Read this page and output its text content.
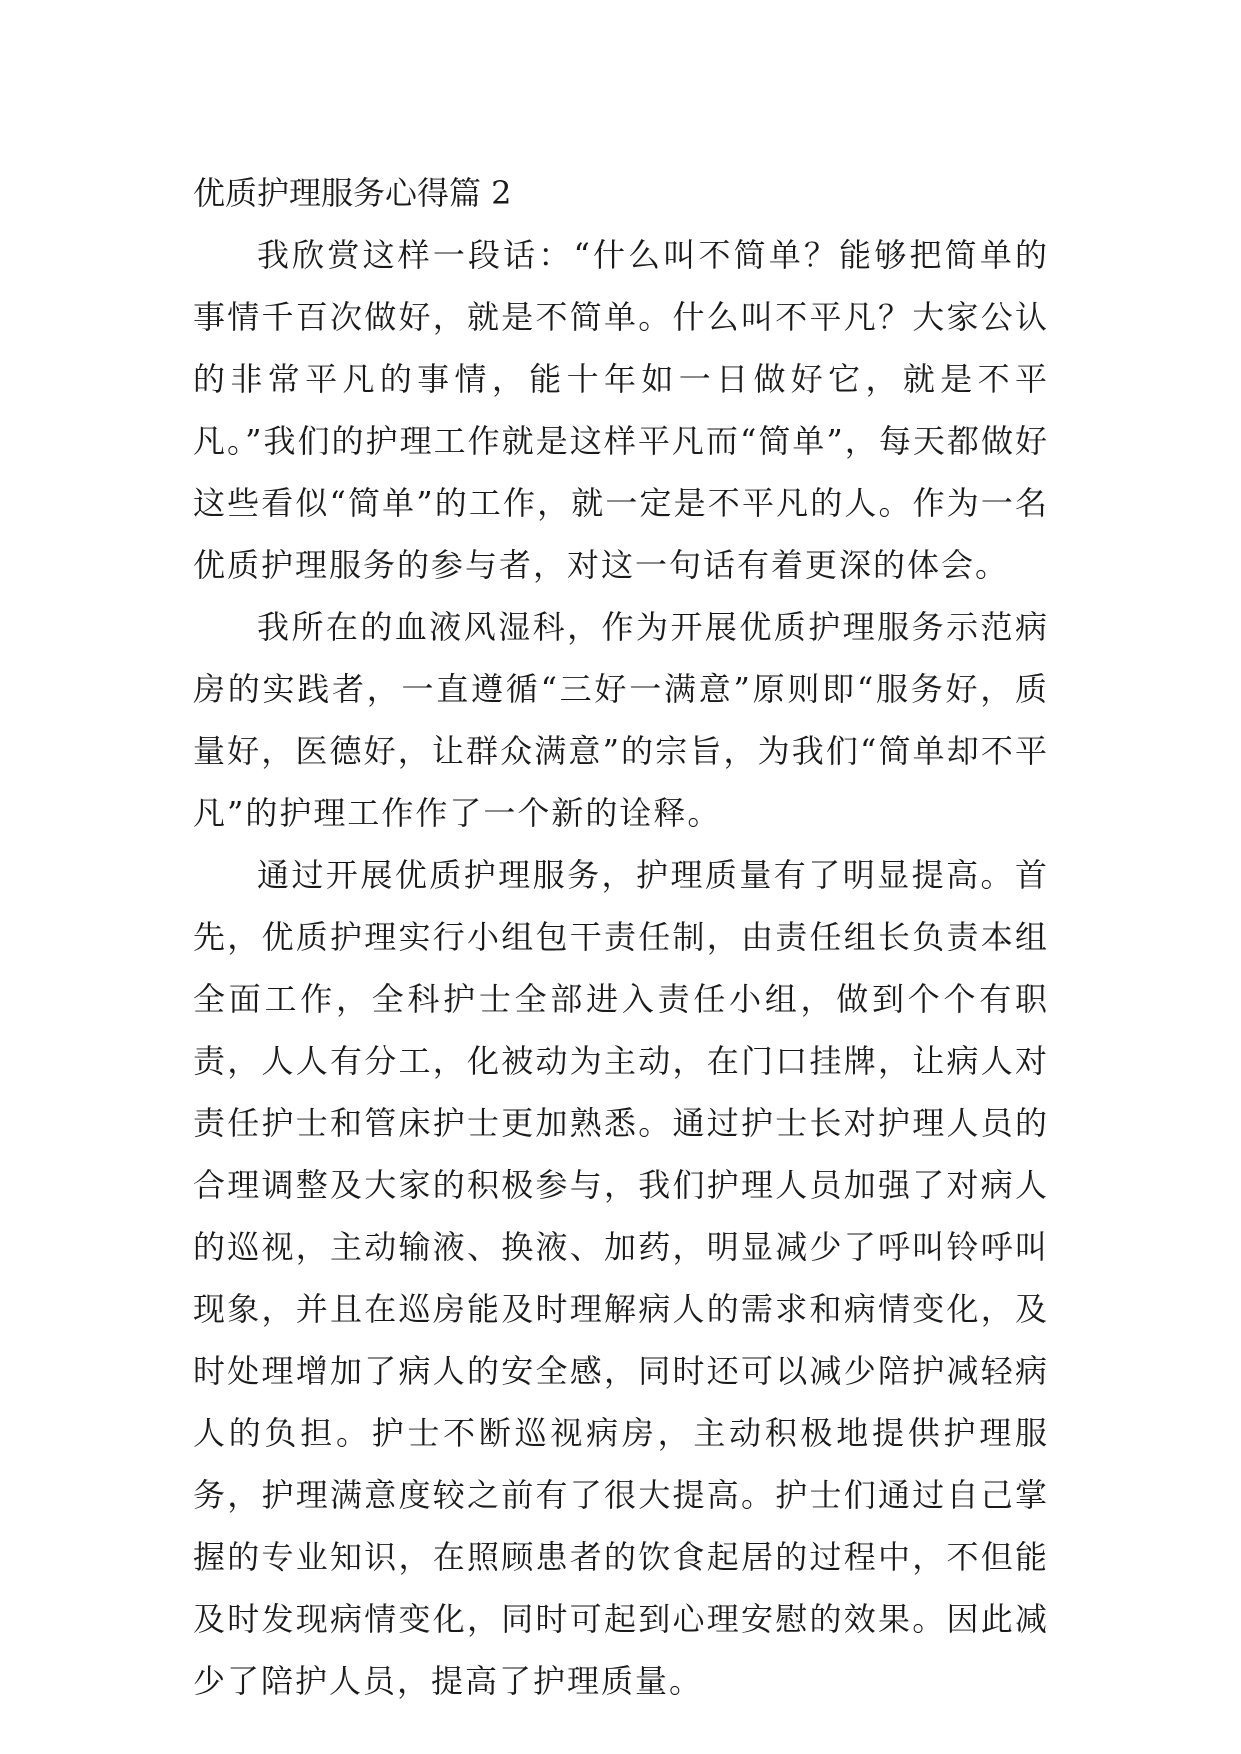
优质护理服务心得篇 2

我欣赏这样一段话：“什么叫不简单？能够把简单的事情千百次做好，就是不简单。什么叫不平凡？大家公认的非常平凡的事情，能十年如一日做好它，就是不平凡。”我们的护理工作就是这样平凡而“简单”，每天都做好这些看似“简单”的工作，就一定是不平凡的人。作为一名优质护理服务的参与者，对这一句话有着更深的体会。

我所在的血液风湿科，作为开展优质护理服务示范病房的实践者，一直遵循“三好一满意”原则即“服务好，质量好，医德好，让群众满意”的宗旨，为我们“简单却不平凡”的护理工作作了一个新的诠释。

通过开展优质护理服务，护理质量有了明显提高。首先，优质护理实行小组包干责任制，由责任组长负责本组全面工作，全科护士全部进入责任小组，做到个个有职责，人人有分工，化被动为主动，在门口挂牌，让病人对责任护士和管床护士更加熟悉。通过护士长对护理人员的合理调整及大家的积极参与，我们护理人员加强了对病人的巡视，主动输液、换液、加药，明显减少了呼叫铃呼叫现象，并且在巡房能及时理解病人的需求和病情变化，及时处理增加了病人的安全感，同时还可以减少陪护减轻病人的负担。护士不断巡视病房，主动积极地提供护理服务，护理满意度较之前有了很大提高。护士们通过自己掌握的专业知识，在照顾患者的饮食起居的过程中，不但能及时发现病情变化，同时可起到心理安慰的效果。因此减少了陪护人员，提高了护理质量。
